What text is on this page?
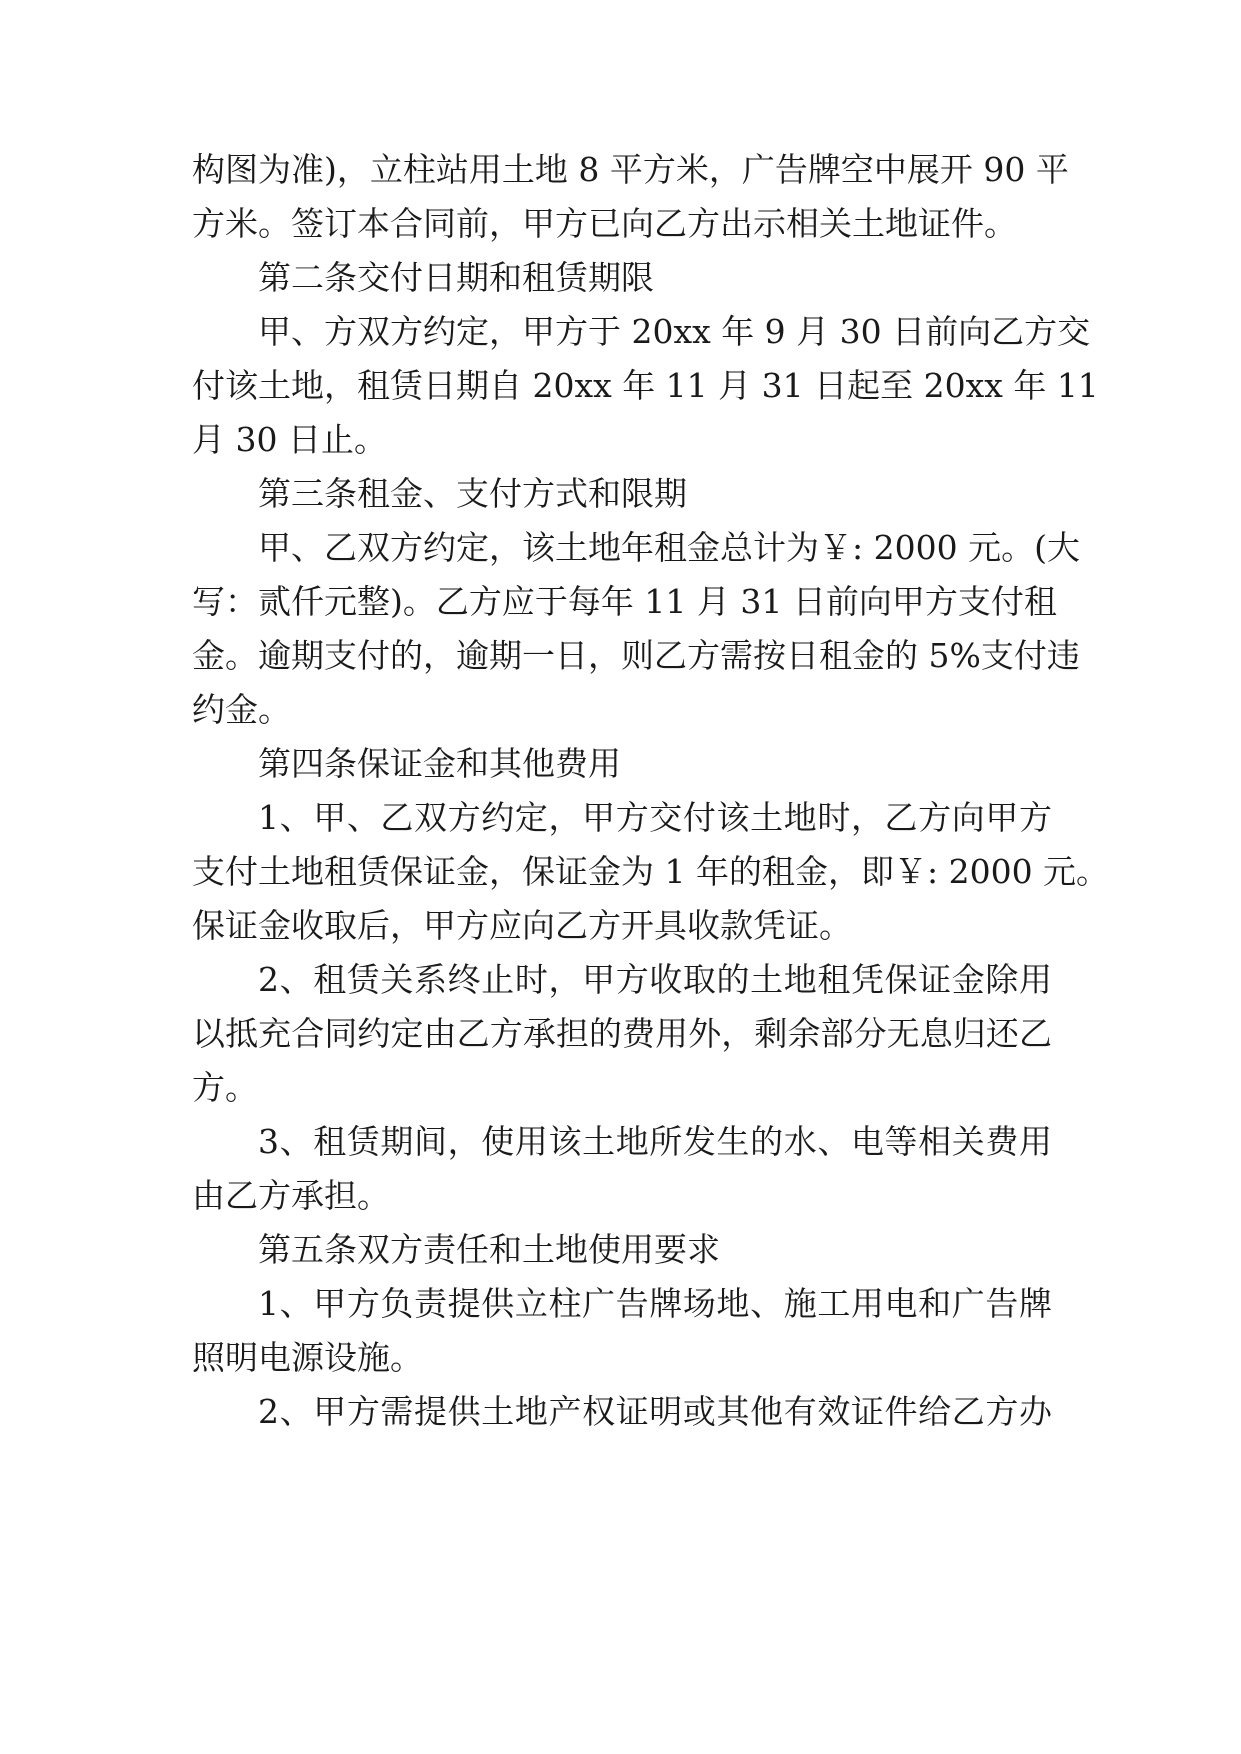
构图为准)，立柱站用土地 8 平方米，广告牌空中展开 90 平
方米。签订本合同前，甲方已向乙方出示相关土地证件。
第二条交付日期和租赁期限
甲、方双方约定，甲方于 20xx 年 9 月 30 日前向乙方交
付该土地，租赁日期自 20xx 年 11 月 31 日起至 20xx 年 11
月 30 日止。
第三条租金、支付方式和限期
甲、乙双方约定，该土地年租金总计为￥: 2000 元。(大
写：贰仟元整)。乙方应于每年 11 月 31 日前向甲方支付租
金。逾期支付的，逾期一日，则乙方需按日租金的 5%支付违
约金。
第四条保证金和其他费用
1、甲、乙双方约定，甲方交付该土地时，乙方向甲方
支付土地租赁保证金，保证金为 1 年的租金，即￥: 2000 元。
保证金收取后，甲方应向乙方开具收款凭证。
2、租赁关系终止时，甲方收取的土地租凭保证金除用
以抵充合同约定由乙方承担的费用外，剩余部分无息归还乙
方。
3、租赁期间，使用该土地所发生的水、电等相关费用
由乙方承担。
第五条双方责任和土地使用要求
1、甲方负责提供立柱广告牌场地、施工用电和广告牌
照明电源设施。
2、甲方需提供土地产权证明或其他有效证件给乙方办
